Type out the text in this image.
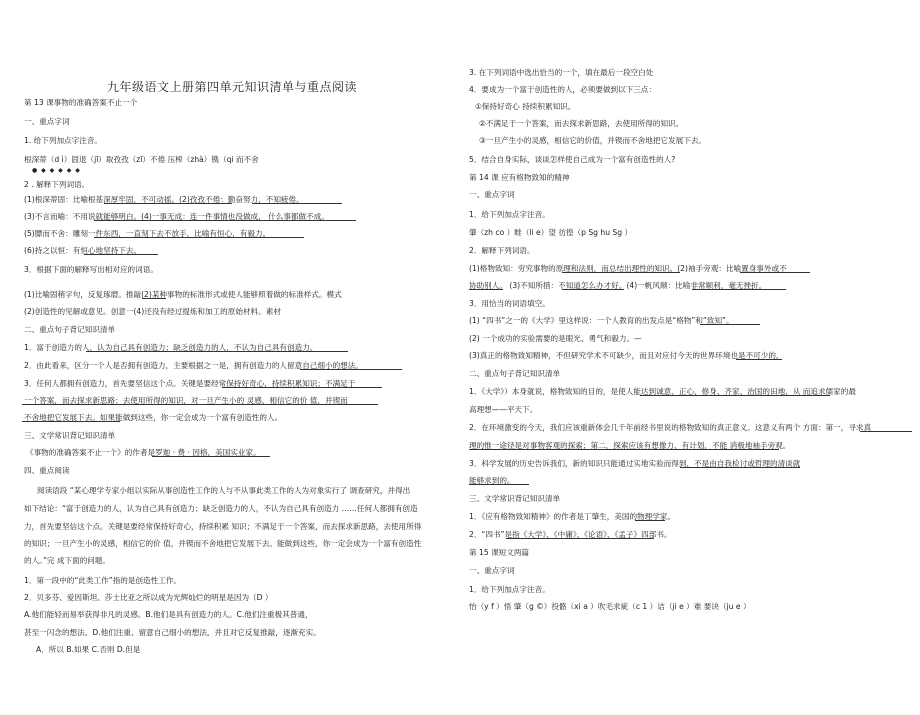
九年级语文上册第四单元知识清单与重点阅读
第 13 课事物的准确答案不止一个
一、重点字词
1. 给下列加点字注音。
根深蒂（d ì）固退（jī）取孜孜（zī）不倦 压榨（zhà）镌（qi 而不舍
● ◆ ◆ ◆ ◆ ◆
2 . 解释下列词语。
(1)根深蒂固：比喻根基深厚牢固，不可动摇。(2)孜孜不倦：勤奋努力，不知疲倦。
(3)不言而喻：不用说就能够明白。(4)一事无成：连一件事情也没做成， 什么事都做不成。
(5)膘而不舍：雕刻一件东西，一直刻下去不放手，比喻有恒心，有毅力。
(6)持之以恒：有恒心地坚持下去。
3．根据下面的解释写出相对应的词语。
(1)比喻固稍字句，反复琢磨。推敲(2)某种事物的标准形式或使人能够照着做的标准样式。模式
(2)创造性的见解或意见。创意一(4)还没有经过提炼和加工的原始材料。素材
二、重点句子背记知识清单
1．富于创造力的人，认为自己具有创造力；缺乏创造力的人，不认为自己具有创造力。
2．由此看来，区分一个人是否拥有创造力，主要根据之一是，拥有创造力的人留意自己细小的想法。
3．任何人都拥有创造力，首先要坚信这个点。关键是要经常保持好奇心，持续积累知识；不满足于
一个答案，而去探求新思路；去使用所得的知识，对一旦产生小的 灵感，相信它的价 值，并锲而
不舍地把它发展下去。如果能做到这些，你一定会成为一个富有创造性的人。
三、文学常识背记知识清单
《事物的准确答案不止一个》的作者是罗迦 · 费 · 因格，美国实业家。
四、重点阅读
阅读语段 “某心理学专家小组以实际从事创造性工作的人与不从事此类工作的人为对象实行了 调查研究，并得出
如下结论：“富于创造力的人，认为自己具有创造力；缺乏创造力的人，不认为自己具有创造力 ……任何人都拥有创造
力，首先要坚信这个点。关键是要经常保持好奇心，持续积累 知识；不满足于一个答案，而去探求新思路，去使用所得
的知识；一旦产生小的灵感，相信它的价 值，并锲而不舍地把它发展下去。能做到这些，你一定会成为一个富有创造性
的人。”完 成下面的问题。
1．第一段中的“此类工作”指的是创造性工作。
2．贝多芬、爱因斯坦、莎士比亚之所以成为光辉灿烂的明星是因为（D ）
A.他们能轻而易举获得非凡的灵感。B.他们是具有创造力的人。C.他们注重极其普通，
甚至一闪念的想法。D.他们注重、留意自己细小的想法，并且对它反复推敲，逐渐充实。
A．所以 B.如果 C.否则 D.但是
3. 在下列词语中选出恰当的一个，填在最后一段空白处
4．要成为一个富于创造性的人，必须要做到以下三点：
①保持好奇心 持续积累知识。
②不满足于一个答案，而去探求新思路，去使用所得的知识。
③一旦产生小的灵感，相信它的价值，并锲而不舍地把它发展下去。
5．结合自身实际，谈谈怎样使自己成为一个富有创造性的人?
第 14 课 应有格物致知的精神
一、重点字词
1．给下列加点字注音。
肇（zh co ）畦（li e）望 彷徨（p Sg hu Sg ）
2．解释下列词语。
(1)格物致知：穷究事物的原理和法则，而总结出理性的知识。(2)袖手旁观：比喻置身事外或不
协助别人。 (3)不知所措：不知道怎么办才好。(4)一帆风顺：比喻非常顺利，毫无挫折。
3．用恰当的词语填空。
(1) “四书”之一的《大学》里这样说：一个人教育的出发点是“格物”和“致知”。
(2) 一个成功的实验需要的是眼光、勇气和毅力。—
(3)真正的格物致知精神，不但研究学术不可缺少，而且对应付今天的世界环境也是不可少的。
二、重点句子背记知识清单
1．《大学》）本身就说，格物致知的目的，是使人能达到诚意、正心、修身、齐家、治国的田地，从 而追求儒家的最
高理想——平天下。
2．在环境激变的今天，我们应该重新体会几千年前经书里说的格物致知的真正意义。这意义有两个 方面：第一，寻求真
理的惟一途径是对事物客观的探索；第二，探索应该有想像力、有计划，不能 消极地袖手旁观。
3．科学发展的历史告诉我们，新的知识只能通过实地实验而得到，不是由自我检讨或哲理的清谈就
能够求到的。
三、文学常识背记知识清单
1．《应有格物致知精神》的作者是丁肇生，美国的物理学家。
2．“四书”是指《大学》、《中庸》、《论语》、《孟子》四部书。
第 15 课短文两篇
一、重点字词
1．给下列加点字注音。
怡（y f ）悟 肇（g ©）投骼（xi a ）吹毛求疵（c 1 ）诘（ji e ）难 要诀（ju e ）
